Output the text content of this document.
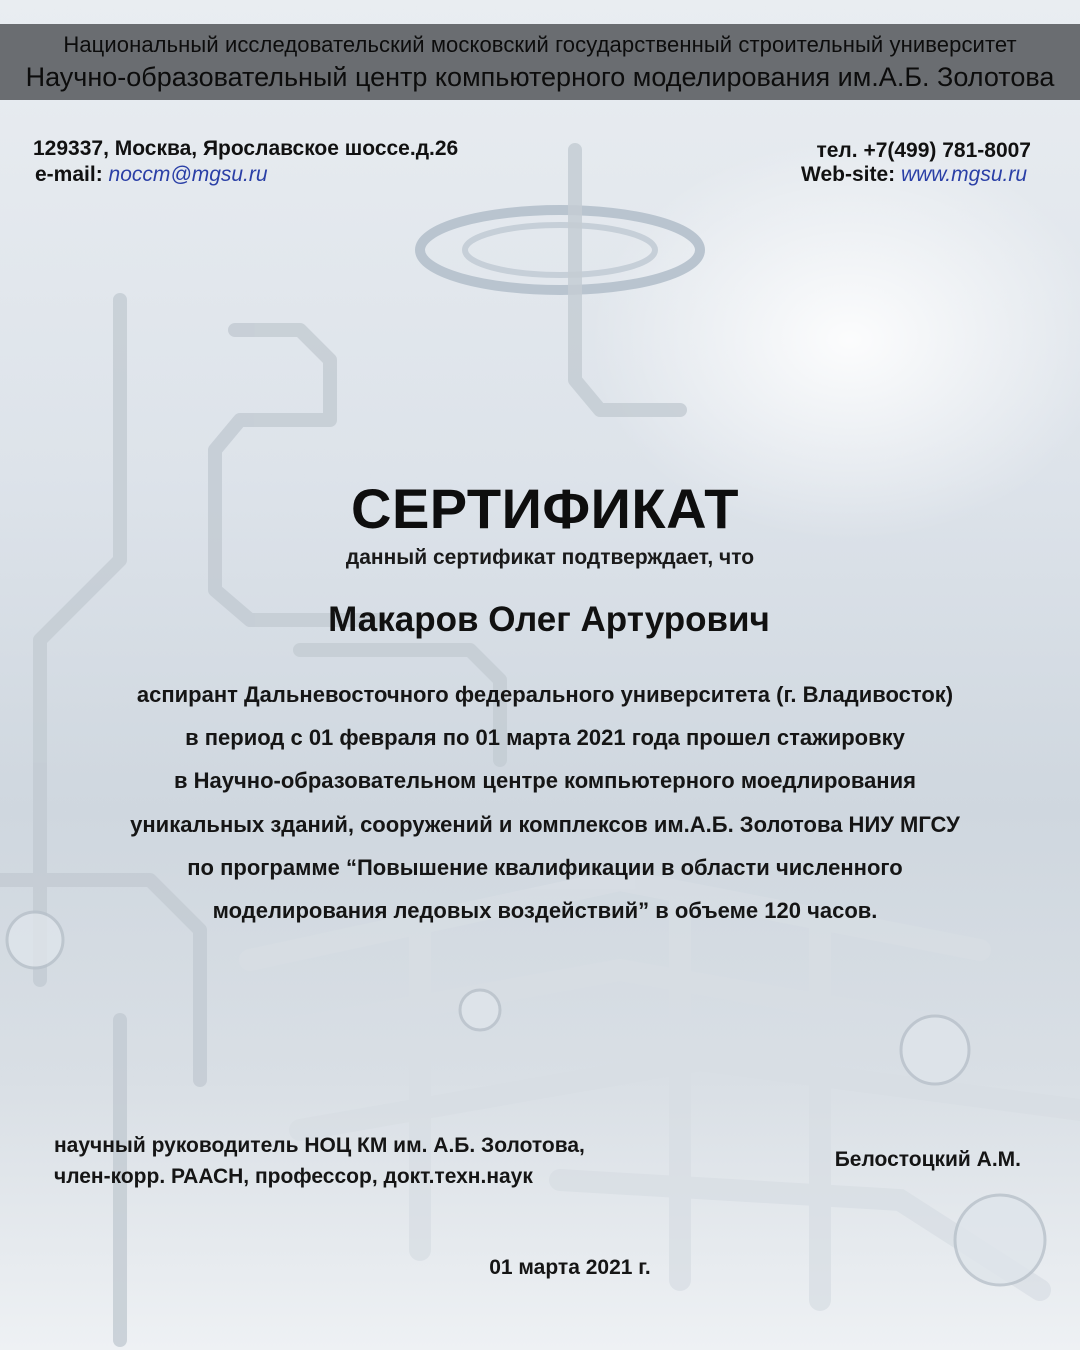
Национальный исследовательский московский государственный строительный университет
Научно-образовательный центр компьютерного моделирования им.А.Б. Золотова
129337, Москва, Ярославское шоссе.д.26
e-mail: noccm@mgsu.ru
тел. +7(499) 781-8007
Web-site: www.mgsu.ru
СЕРТИФИКАТ
данный сертификат подтверждает, что
Макаров Олег Артурович
аспирант Дальневосточного федерального университета (г. Владивосток)
в период с 01 февраля по 01 марта 2021 года прошел стажировку
в Научно-образовательном центре компьютерного моедлирования
уникальных зданий, сооружений и комплексов им.А.Б. Золотова НИУ МГСУ
по программе “Повышение квалификации в области численного
моделирования ледовых воздействий” в объеме 120 часов.
научный руководитель НОЦ КМ им. А.Б. Золотова,
член-корр. РААСН, профессор, докт.техн.наук
Белостоцкий А.М.
01 марта 2021 г.
